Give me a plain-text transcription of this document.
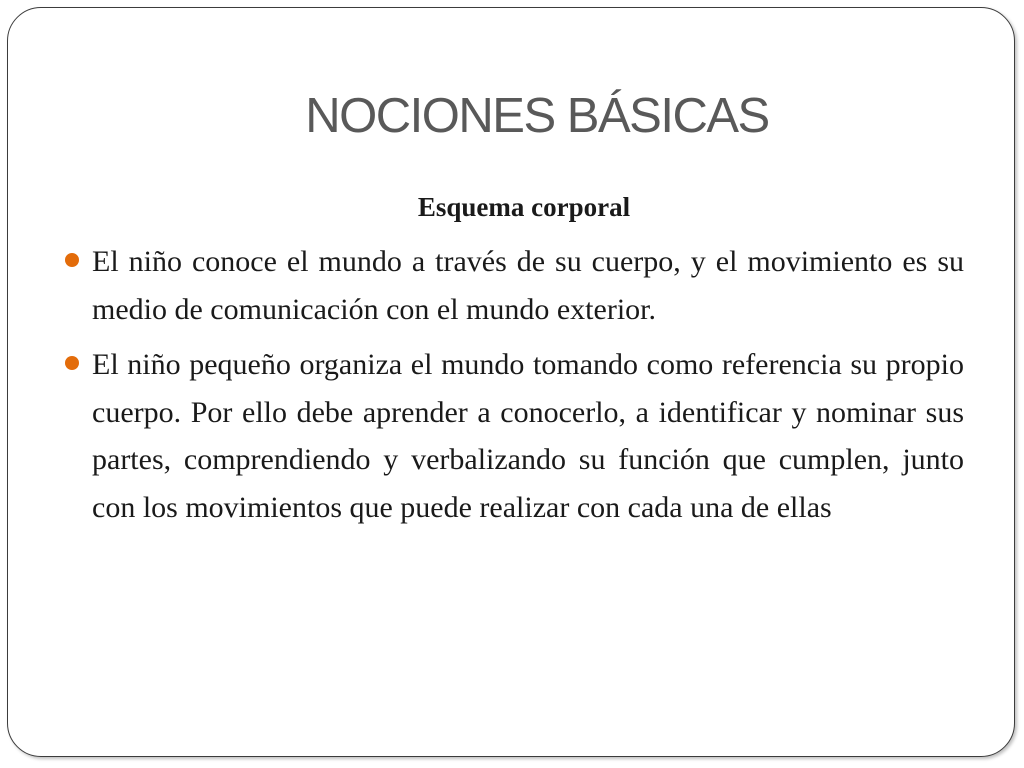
NOCIONES BÁSICAS
Esquema corporal
El niño conoce el mundo a través de su cuerpo, y el movimiento es su medio de comunicación con el mundo exterior.
El niño pequeño organiza el mundo tomando como referencia su propio cuerpo. Por ello debe aprender a conocerlo, a identificar y nominar sus partes, comprendiendo y verbalizando su función que cumplen, junto con los movimientos que puede realizar con cada una de ellas
